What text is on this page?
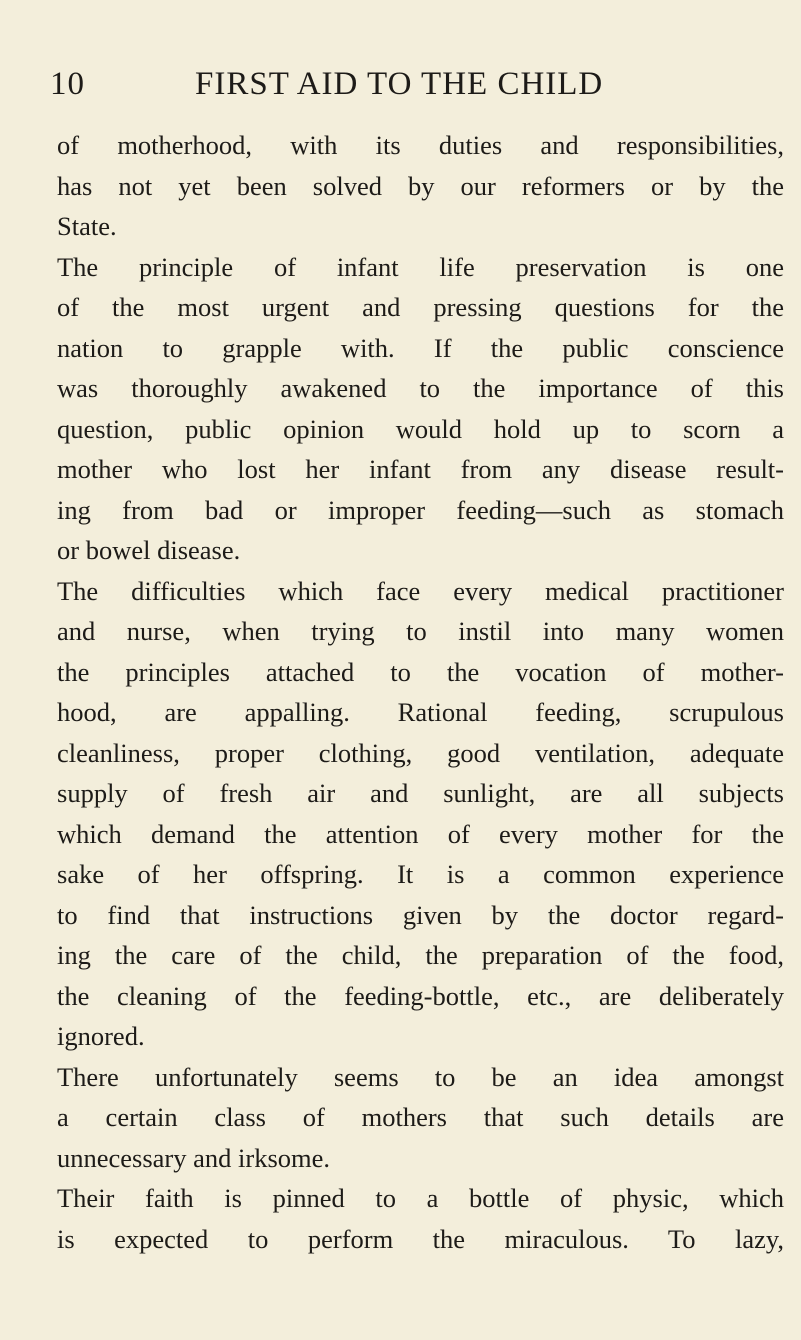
10	FIRST AID TO THE CHILD
of motherhood, with its duties and responsibilities,
has not yet been solved by our reformers or by the
State.
The principle of infant life preservation is one
of the most urgent and pressing questions for the
nation to grapple with. If the public conscience
was thoroughly awakened to the importance of this
question, public opinion would hold up to scorn a
mother who lost her infant from any disease result-
ing from bad or improper feeding—such as stomach
or bowel disease.
The difficulties which face every medical practitioner
and nurse, when trying to instil into many women
the principles attached to the vocation of mother-
hood, are appalling. Rational feeding, scrupulous
cleanliness, proper clothing, good ventilation, adequate
supply of fresh air and sunlight, are all subjects
which demand the attention of every mother for the
sake of her offspring. It is a common experience
to find that instructions given by the doctor regard-
ing the care of the child, the preparation of the food,
the cleaning of the feeding-bottle, etc., are deliberately
ignored.
There unfortunately seems to be an idea amongst
a certain class of mothers that such details are
unnecessary and irksome.
Their faith is pinned to a bottle of physic, which
is expected to perform the miraculous. To lazy,
